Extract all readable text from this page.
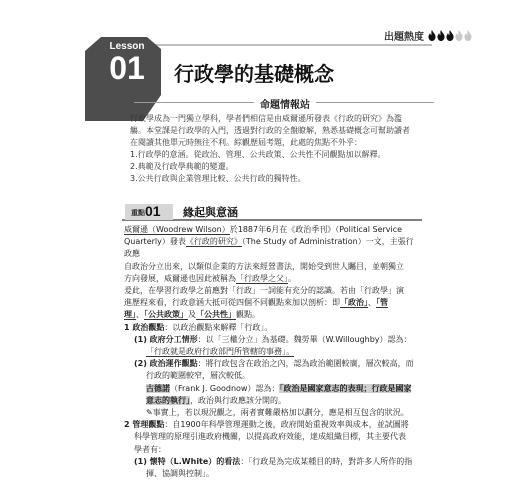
出題熱度
Lesson
01	行政學的基礎概念
命題情報站

行政學成為一門獨立學科，學者們相信是由威爾遜所發表《行政的研究》為濫

觴。本堂課是行政學的入門，透過對行政的全盤瞭解，熟悉基礎概念可幫助讀者

在閱讀其他單元時無往不利。綜觀歷屆考題，此處的焦點不外乎：

1.行政學的意涵。從政治、管理、公共政策、公共性不同觀點加以解釋。

2.典範及行政學典範的變遷。

3.公共行政與企業管理比較、公共行政的獨特性。

重點 01 緣起與意涵

威爾遜（Woodrew Wilson）於1887年6月在《政治季刊》（Political Service

Quarterly）發表《行政的研究》（The Study of Administration）一文，主張行政應

自政治分立出來，以類似企業的方法來經營書法，開始受到世人矚目，並朝獨立

方向發展，威爾遜也因此被稱為「行政學之父」。

爰此，在學習行政學之前應對「行政」一詞能有充分的認識。若由「行政學」演

進歷程來看，行政意涵大抵可從四個不同觀點來加以剖析：即「政治」、「管

理」、「公共政策」及「公共性」觀點。

1 政治觀點：以政治觀點來解釋「行政」。

(1) 政府分工情形：以「三權分立」為基礎。魏勞畢（W.Willoughby）認為：

「行政就是政府行政部門所管轄的事務」。

(2) 政治運作觀點：將行政包含在政治之內，認為政治範圍較廣，層次較高，而

行政的範圍較窄，層次較低。

古德諾（Frank J. Goodnow）認為：「政治是國家意志的表現；行政是國家

意志的執行」，政治與行政應該分開的。

✎事實上，若以現況觀之，兩者實難嚴格加以劃分，應是相互包含的狀況。

2 管理觀點：自1900年科學管理運動之後，政府開始重視效率與成本，並試圖將

科學管理的原理引進政府機關，以提高政府效能，達成組織目標，其主要代表

學者有：

(1) 懷特（L.White）的看法：「行政是為完成某種目的時，對許多人所作的指

揮、協調與控制」。
